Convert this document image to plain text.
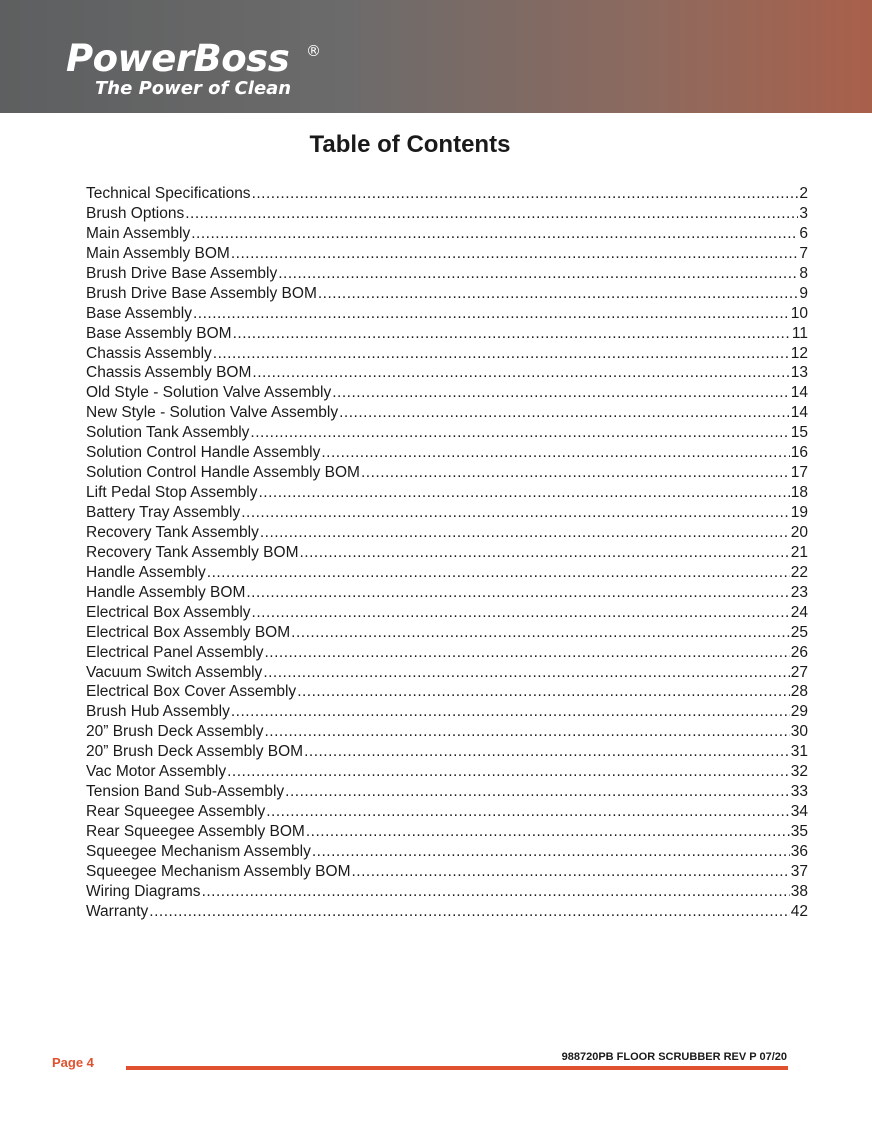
PowerBoss ®
The Power of Clean
Table of Contents
Technical Specifications .....	2
Brush Options .....	3
Main Assembly .....	6
Main Assembly BOM .....	7
Brush Drive Base Assembly .....	8
Brush Drive Base Assembly BOM .....	9
Base Assembly .....	10
Base Assembly BOM .....	11
Chassis Assembly .....	12
Chassis Assembly BOM .....	13
Old Style - Solution Valve Assembly .....	14
New Style - Solution Valve Assembly .....	14
Solution Tank Assembly .....	15
Solution Control Handle Assembly .....	16
Solution Control Handle Assembly BOM .....	17
Lift Pedal Stop Assembly .....	18
Battery Tray Assembly .....	19
Recovery Tank Assembly .....	20
Recovery Tank Assembly BOM .....	21
Handle Assembly .....	22
Handle Assembly BOM .....	23
Electrical Box Assembly .....	24
Electrical Box Assembly BOM .....	25
Electrical Panel Assembly .....	26
Vacuum Switch Assembly .....	27
Electrical Box Cover Assembly .....	28
Brush Hub Assembly .....	29
20” Brush Deck Assembly .....	30
20” Brush Deck Assembly BOM .....	31
Vac Motor Assembly .....	32
Tension Band Sub-Assembly .....	33
Rear Squeegee Assembly .....	34
Rear Squeegee Assembly BOM .....	35
Squeegee Mechanism Assembly .....	36
Squeegee Mechanism Assembly BOM .....	37
Wiring Diagrams .....	38
Warranty .....	42
Page 4	988720PB FLOOR SCRUBBER REV P 07/20
